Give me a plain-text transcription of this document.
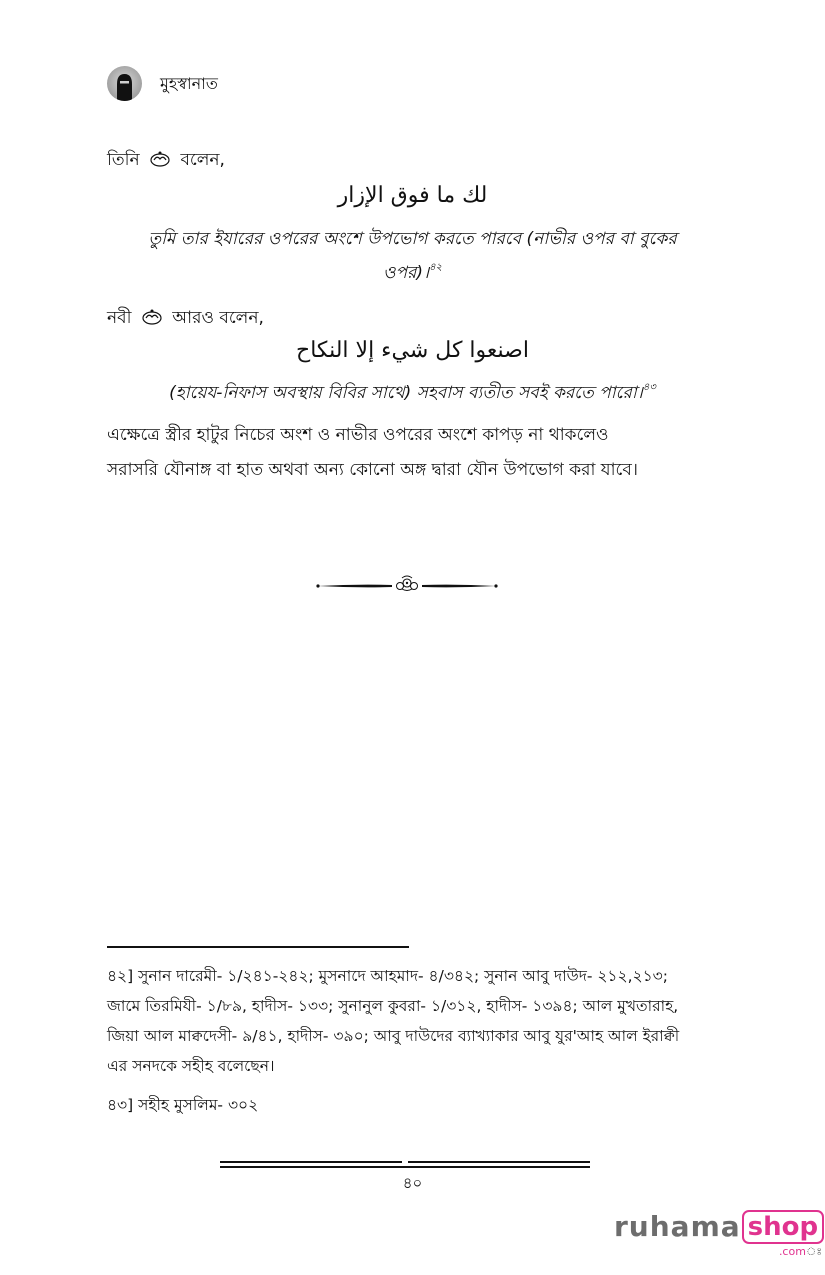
মুহস্বানাত
তিনি বলেন,
لك ما فوق الإزار
তুমি তার ইযারের ওপরের অংশে উপভোগ করতে পারবে (নাভীর ওপর বা বুকের
ওপর)।$^{৪২}$
নবী আরও বলেন,
اصنعوا كل شيء إلا النكاح
(হায়েয-নিফাস অবস্থায় বিবির সাথে) সহবাস ব্যতীত সবই করতে পারো।$^{৪৩}$
এক্ষেত্রে স্ত্রীর হাটুর নিচের অংশ ও নাভীর ওপরের অংশে কাপড় না থাকলেও
সরাসরি যৌনাঙ্গ বা হাত অথবা অন্য কোনো অঙ্গ দ্বারা যৌন উপভোগ করা যাবে।
৪২] সুনান দারেমী- ১/২৪১-২৪২; মুসনাদে আহমাদ- ৪/৩৪২; সুনান আবু দাউদ- ২১২,২১৩;
জামে তিরমিযী- ১/৮৯, হাদীস- ১৩৩; সুনানুল কুবরা- ১/৩১২, হাদীস- ১৩৯৪; আল মুখতারাহ,
জিয়া আল মাক্বদেসী- ৯/৪১, হাদীস- ৩৯০; আবু দাউদের ব্যাখ্যাকার আবু যুর'আহ আল ইরাক্বী
এর সনদকে সহীহ বলেছেন।
৪৩] সহীহ মুসলিম- ৩০২
৪০
ruhama shop
.comঃ
